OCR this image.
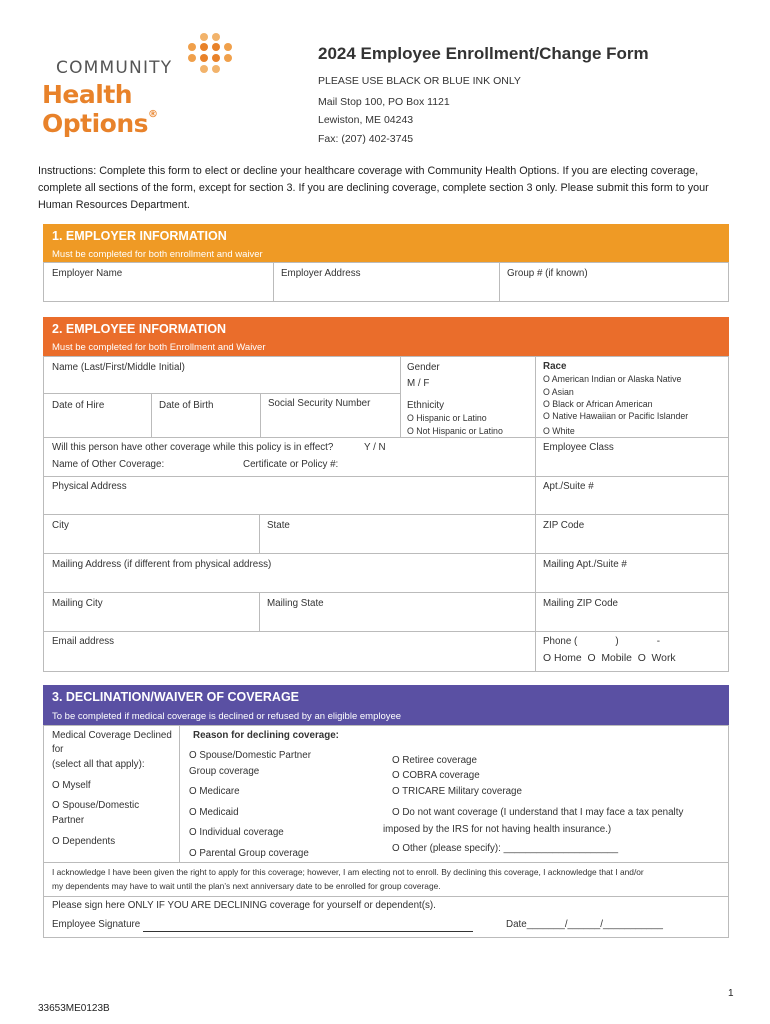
COMMUNITY
Health Options®
2024 Employee Enrollment/Change Form
PLEASE USE BLACK OR BLUE INK ONLY
Mail Stop 100, PO Box 1121
Lewiston, ME 04243
Fax: (207) 402-3745
Instructions: Complete this form to elect or decline your healthcare coverage with Community Health Options. If you are electing coverage, complete all sections of the form, except for section 3. If you are declining coverage, complete section 3 only. Please submit this form to your Human Resources Department.
1. EMPLOYER INFORMATION
Must be completed for both enrollment and waiver
Employer Name	Employer Address	Group # (if known)
2. EMPLOYEE INFORMATION
Must be completed for both Enrollment and Waiver
Name (Last/First/Middle Initial)	Gender
M / F
Date of Hire	Date of Birth	Social Security Number	Ethnicity
O Hispanic or Latino
O Not Hispanic or Latino
Race
O American Indian or Alaska Native
O Asian
O Black or African American
O Native Hawaiian or Pacific Islander
O White
Will this person have other coverage while this policy is in effect?	Y / N
Name of Other Coverage:	Certificate or Policy #:
Employee Class
Physical Address	Apt./Suite #
City	State	ZIP Code
Mailing Address (if different from physical address)	Mailing Apt./Suite #
Mailing City	Mailing State	Mailing ZIP Code
Email address	Phone (              )              -
O Home  O  Mobile  O  Work
3. DECLINATION/WAIVER OF COVERAGE
To be completed if medical coverage is declined or refused by an eligible employee
Medical Coverage Declined
for
(select all that apply):
O Myself
O Spouse/Domestic
Partner
O Dependents
Reason for declining coverage:
O Spouse/Domestic Partner
Group coverage
O Medicare
O Medicaid
O Individual coverage
O Parental Group coverage
O Retiree coverage
O COBRA coverage
O TRICARE Military coverage
O Do not want coverage (I understand that I may face a tax penalty
imposed by the IRS for not having health insurance.)
O Other (please specify): _____________________
I acknowledge I have been given the right to apply for this coverage; however, I am electing not to enroll. By declining this coverage, I acknowledge that I and/or
my dependents may have to wait until the plan’s next anniversary date to be enrolled for group coverage.
Please sign here ONLY IF YOU ARE DECLINING coverage for yourself or dependent(s).
Employee Signature	Date_______/______/___________
1
33653ME0123B
